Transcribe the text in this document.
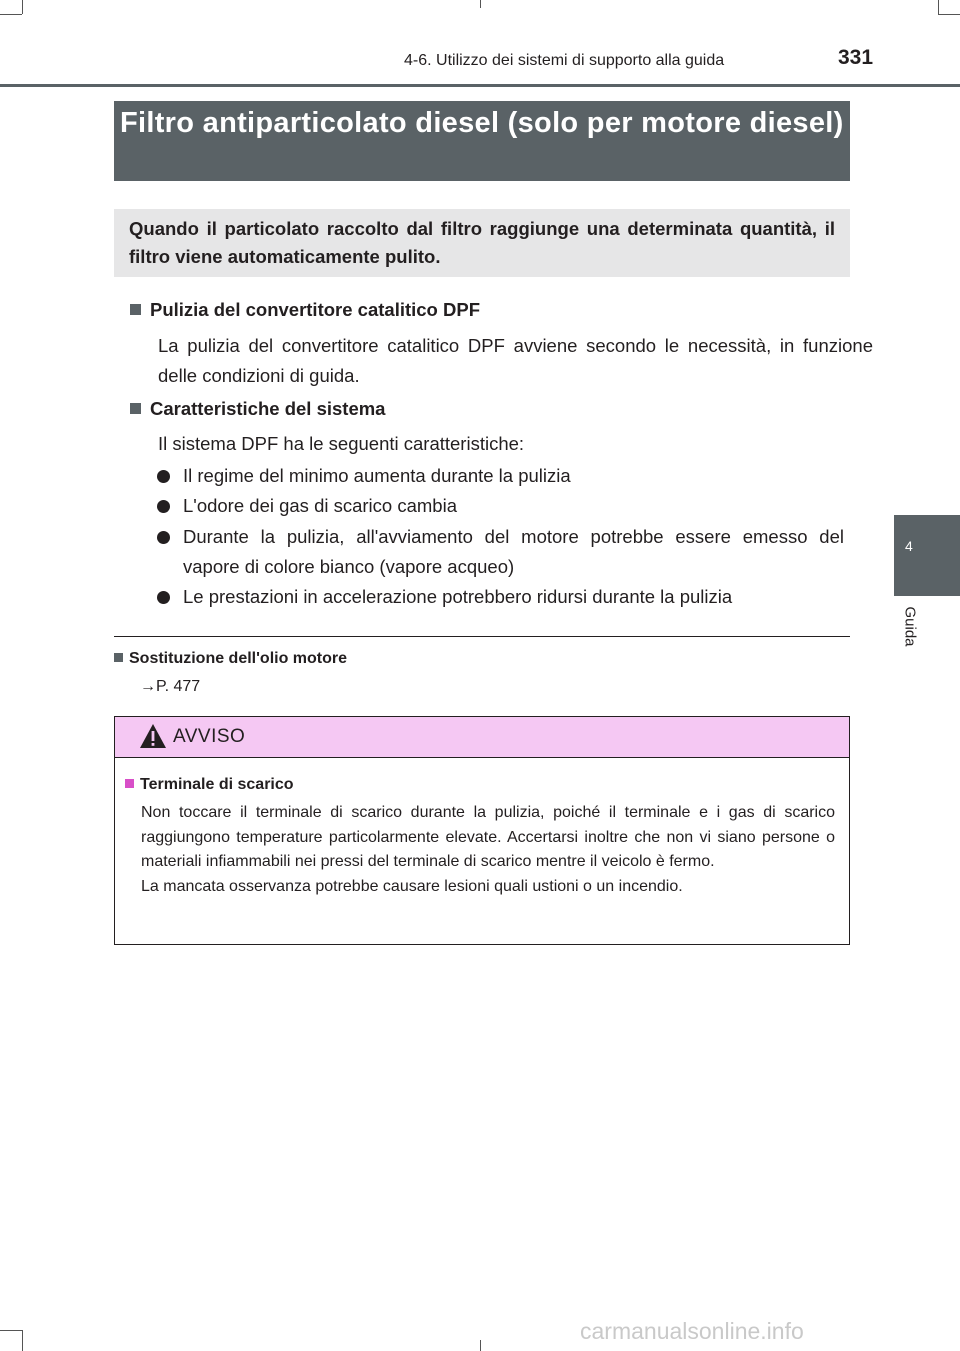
4-6. Utilizzo dei sistemi di supporto alla guida	331
Filtro antiparticolato diesel (solo per motore diesel)
Quando il particolato raccolto dal filtro raggiunge una determinata quantità, il filtro viene automaticamente pulito.
Pulizia del convertitore catalitico DPF
La pulizia del convertitore catalitico DPF avviene secondo le necessità, in funzione delle condizioni di guida.
Caratteristiche del sistema
Il sistema DPF ha le seguenti caratteristiche:
Il regime del minimo aumenta durante la pulizia
L'odore dei gas di scarico cambia
Durante la pulizia, all'avviamento del motore potrebbe essere emesso del vapore di colore bianco (vapore acqueo)
Le prestazioni in accelerazione potrebbero ridursi durante la pulizia
Sostituzione dell'olio motore
→P. 477
AVVISO
Terminale di scarico
Non toccare il terminale di scarico durante la pulizia, poiché il terminale e i gas di scarico raggiungono temperature particolarmente elevate. Accertarsi inoltre che non vi siano persone o materiali infiammabili nei pressi del terminale di scarico mentre il veicolo è fermo.
La mancata osservanza potrebbe causare lesioni quali ustioni o un incendio.
4
Guida
carmanualsonline.info
